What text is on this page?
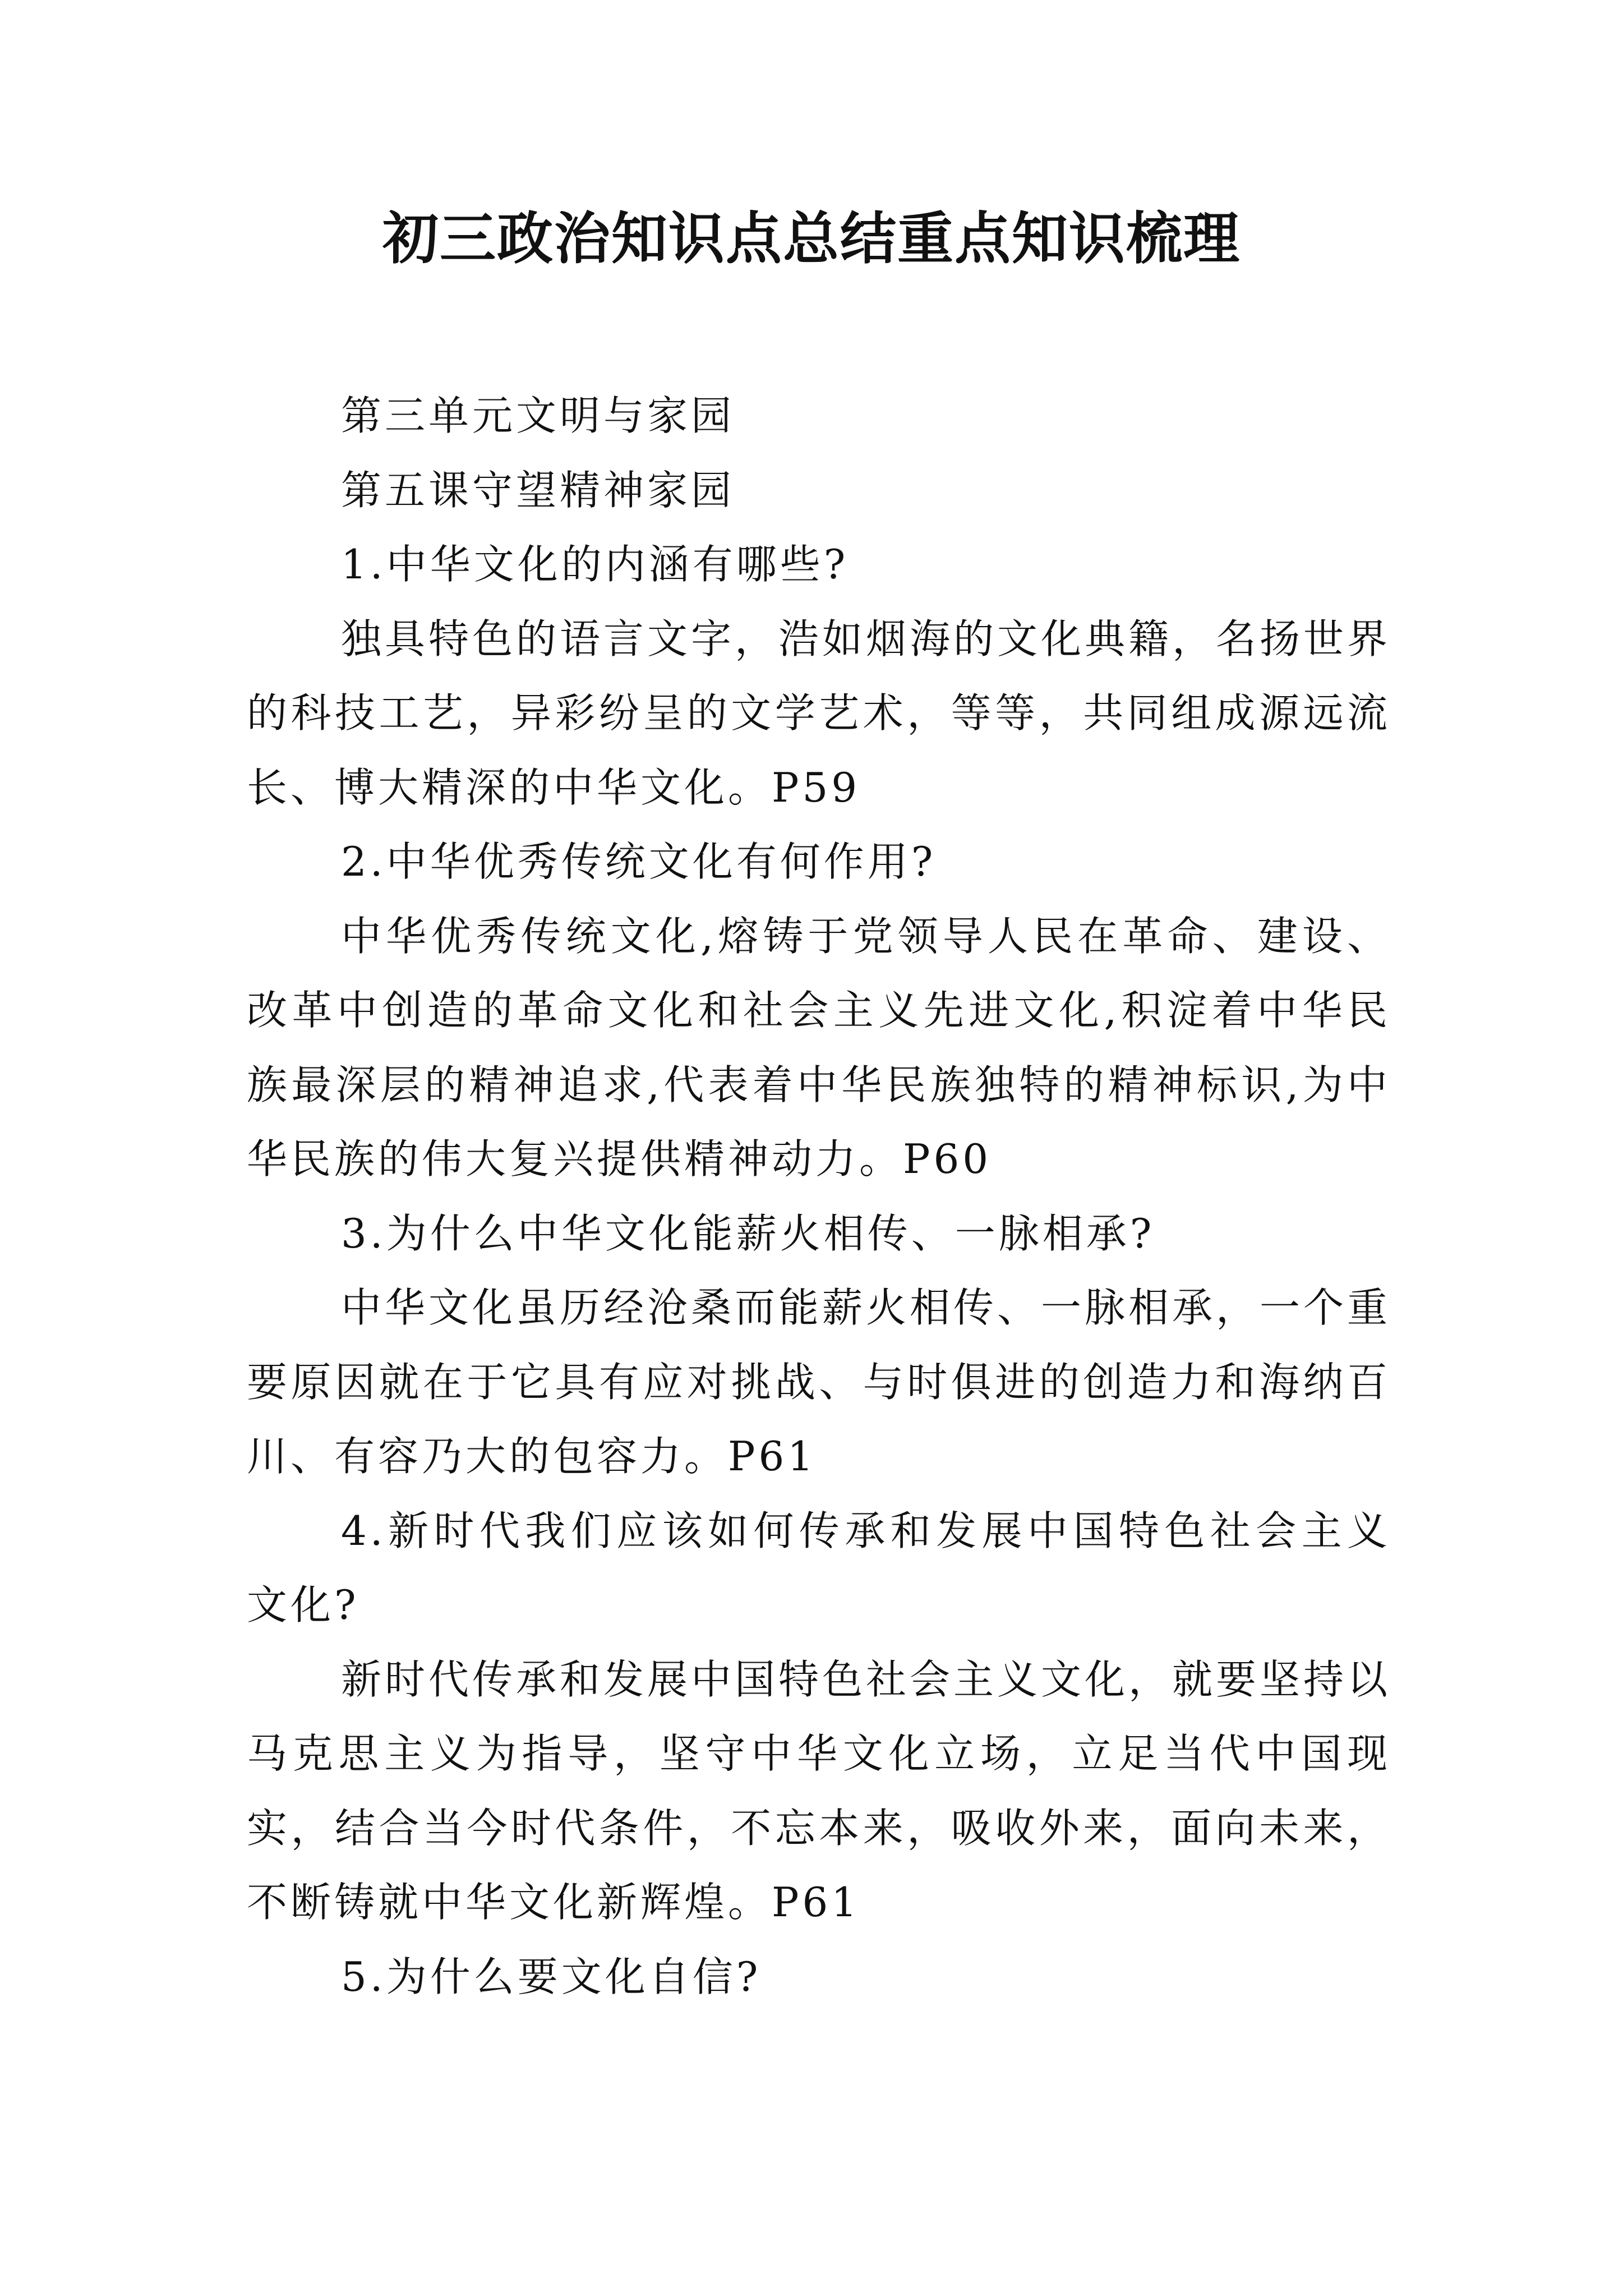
初三政治知识点总结重点知识梳理

第三单元文明与家园

第五课守望精神家园

1.中华文化的内涵有哪些?

独具特色的语言文字，浩如烟海的文化典籍，名扬世界的科技工艺，异彩纷呈的文学艺术，等等，共同组成源远流长、博大精深的中华文化。P59

2.中华优秀传统文化有何作用?

中华优秀传统文化,熔铸于党领导人民在革命、建设、改革中创造的革命文化和社会主义先进文化,积淀着中华民族最深层的精神追求,代表着中华民族独特的精神标识,为中华民族的伟大复兴提供精神动力。P60

3.为什么中华文化能薪火相传、一脉相承?

中华文化虽历经沧桑而能薪火相传、一脉相承，一个重要原因就在于它具有应对挑战、与时俱进的创造力和海纳百川、有容乃大的包容力。P61

4.新时代我们应该如何传承和发展中国特色社会主义文化?

新时代传承和发展中国特色社会主义文化，就要坚持以马克思主义为指导，坚守中华文化立场，立足当代中国现实，结合当今时代条件，不忘本来，吸收外来，面向未来，不断铸就中华文化新辉煌。P61

5.为什么要文化自信?
